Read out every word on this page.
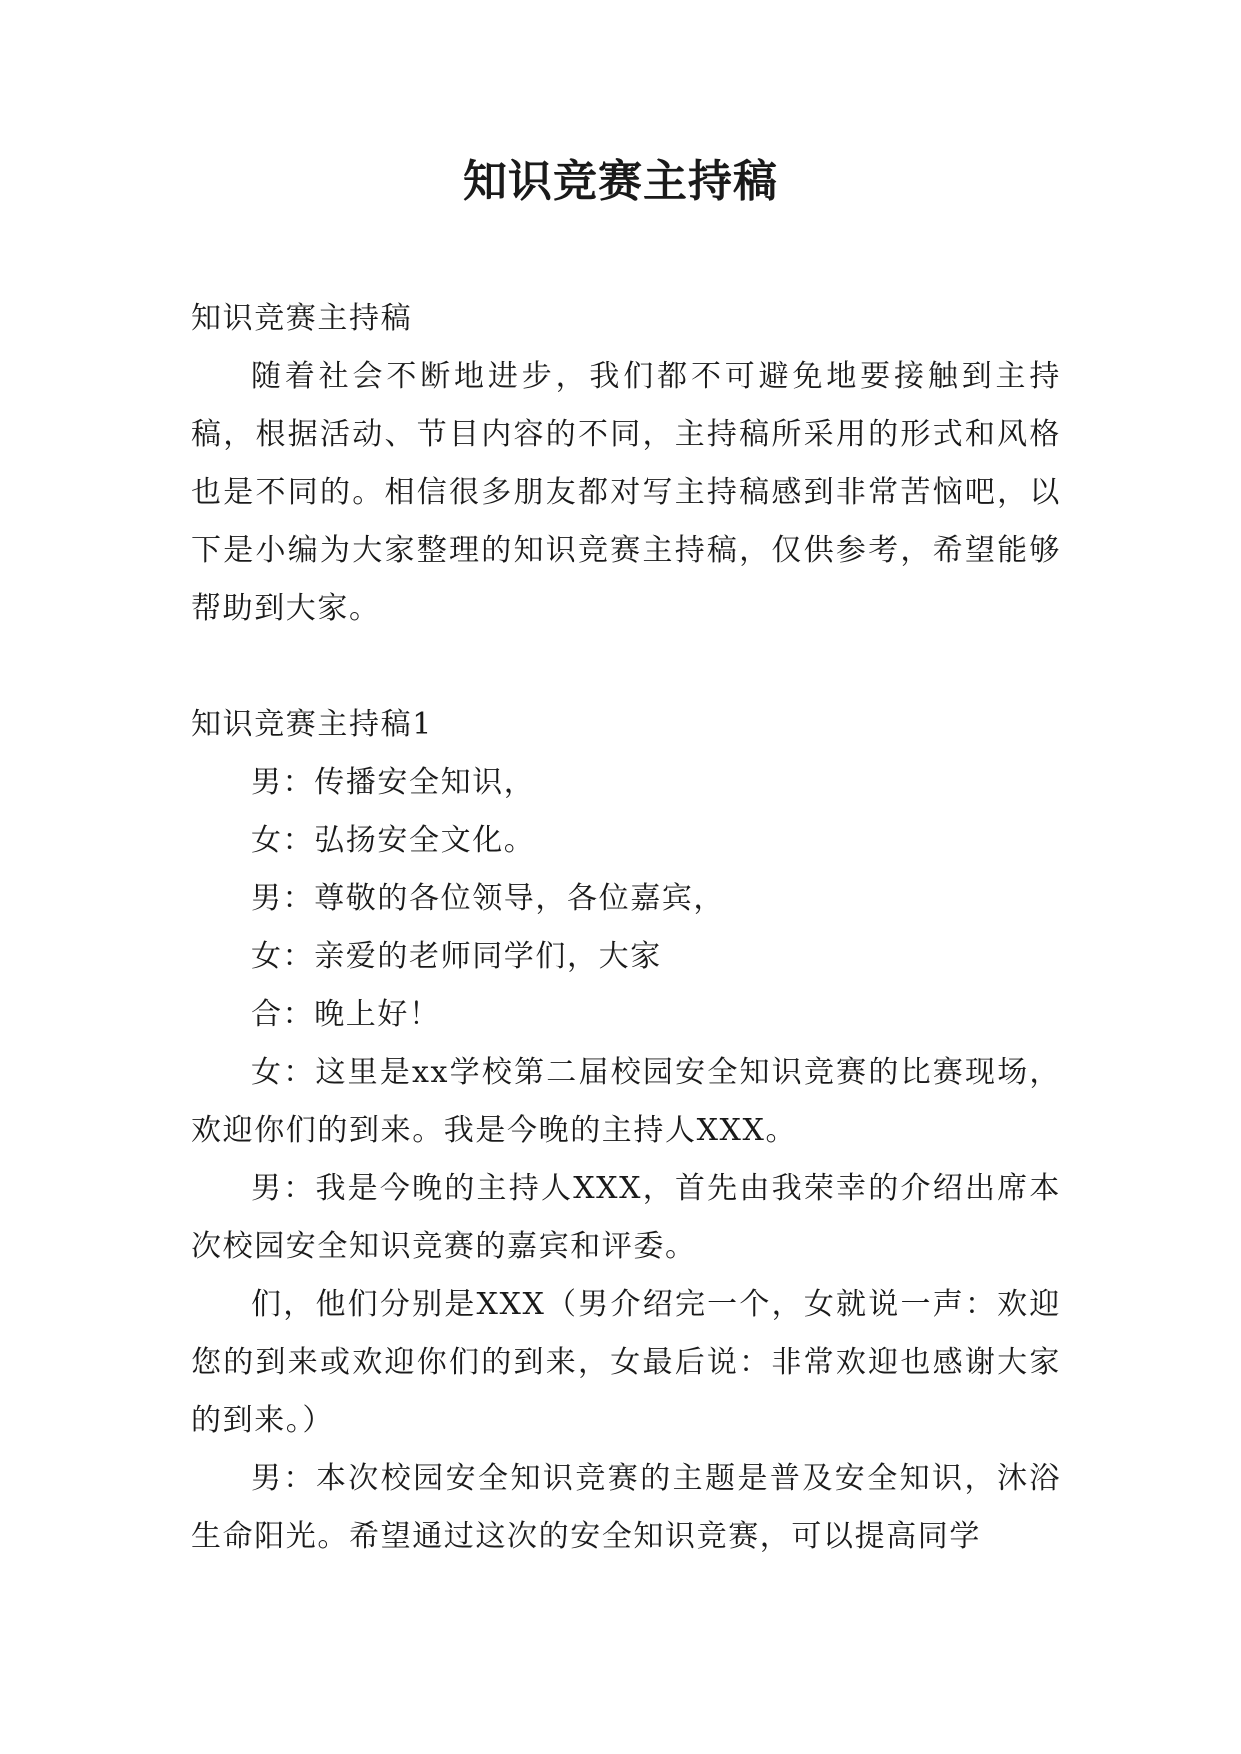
知识竞赛主持稿

知识竞赛主持稿

随着社会不断地进步，我们都不可避免地要接触到主持稿，根据活动、节目内容的不同，主持稿所采用的形式和风格也是不同的。相信很多朋友都对写主持稿感到非常苦恼吧，以下是小编为大家整理的知识竞赛主持稿，仅供参考，希望能够帮助到大家。

知识竞赛主持稿1

男：传播安全知识，

女：弘扬安全文化。

男：尊敬的各位领导，各位嘉宾，

女：亲爱的老师同学们，大家

合：晚上好！

女：这里是xx学校第二届校园安全知识竞赛的比赛现场，欢迎你们的到来。我是今晚的主持人XXX。

男：我是今晚的主持人XXX，首先由我荣幸的介绍出席本次校园安全知识竞赛的嘉宾和评委。

们，他们分别是XXX（男介绍完一个，女就说一声：欢迎您的到来或欢迎你们的到来，女最后说：非常欢迎也感谢大家的到来。）

男：本次校园安全知识竞赛的主题是普及安全知识，沐浴生命阳光。希望通过这次的安全知识竞赛，可以提高同学
